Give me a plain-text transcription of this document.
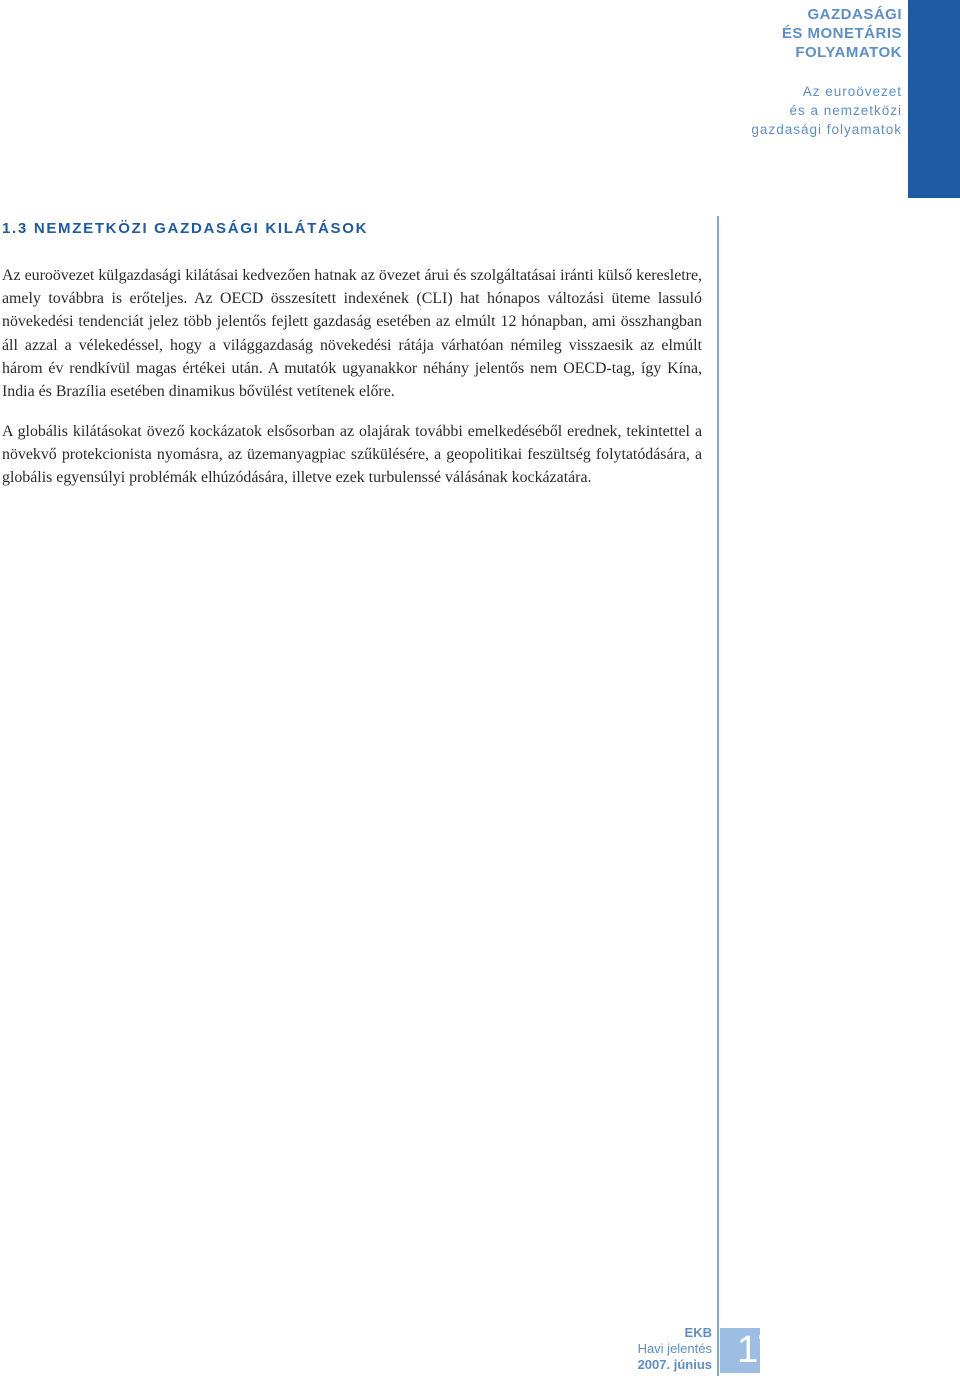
GAZDASÁGI
ÉS MONETÁRIS
FOLYAMATOK
Az euroövezet
és a nemzetközi
gazdasági folyamatok
1.3 NEMZETKÖZI GAZDASÁGI KILÁTÁSOK

Az euroövezet külgazdasági kilátásai kedvezően hatnak az övezet árui és szolgáltatásai iránti külső keresletre, amely továbbra is erőteljes. Az OECD összesített indexének (CLI) hat hónapos változási üteme lassuló növekedési tendenciát jelez több jelentős fejlett gazdaság esetében az elmúlt 12 hónapban, ami összhangban áll azzal a vélekedéssel, hogy a világgazdaság növekedési rátája várhatóan némileg visszaesik az elmúlt három év rendkívül magas értékei után. A mutatók ugyanakkor néhány jelentős nem OECD-tag, így Kína, India és Brazília esetében dinamikus bővülést vetítenek előre.

A globális kilátásokat övező kockázatok elsősorban az olajárak további emelkedéséből erednek, tekintettel a növekvő protekcionista nyomásra, az üzemanyagpiac szűkülésére, a geopolitikai feszültség folytatódására, a globális egyensúlyi problémák elhúzódására, illetve ezek turbulenssé válásának kockázatára.

EKB
Havi jelentés
2007. június 17
